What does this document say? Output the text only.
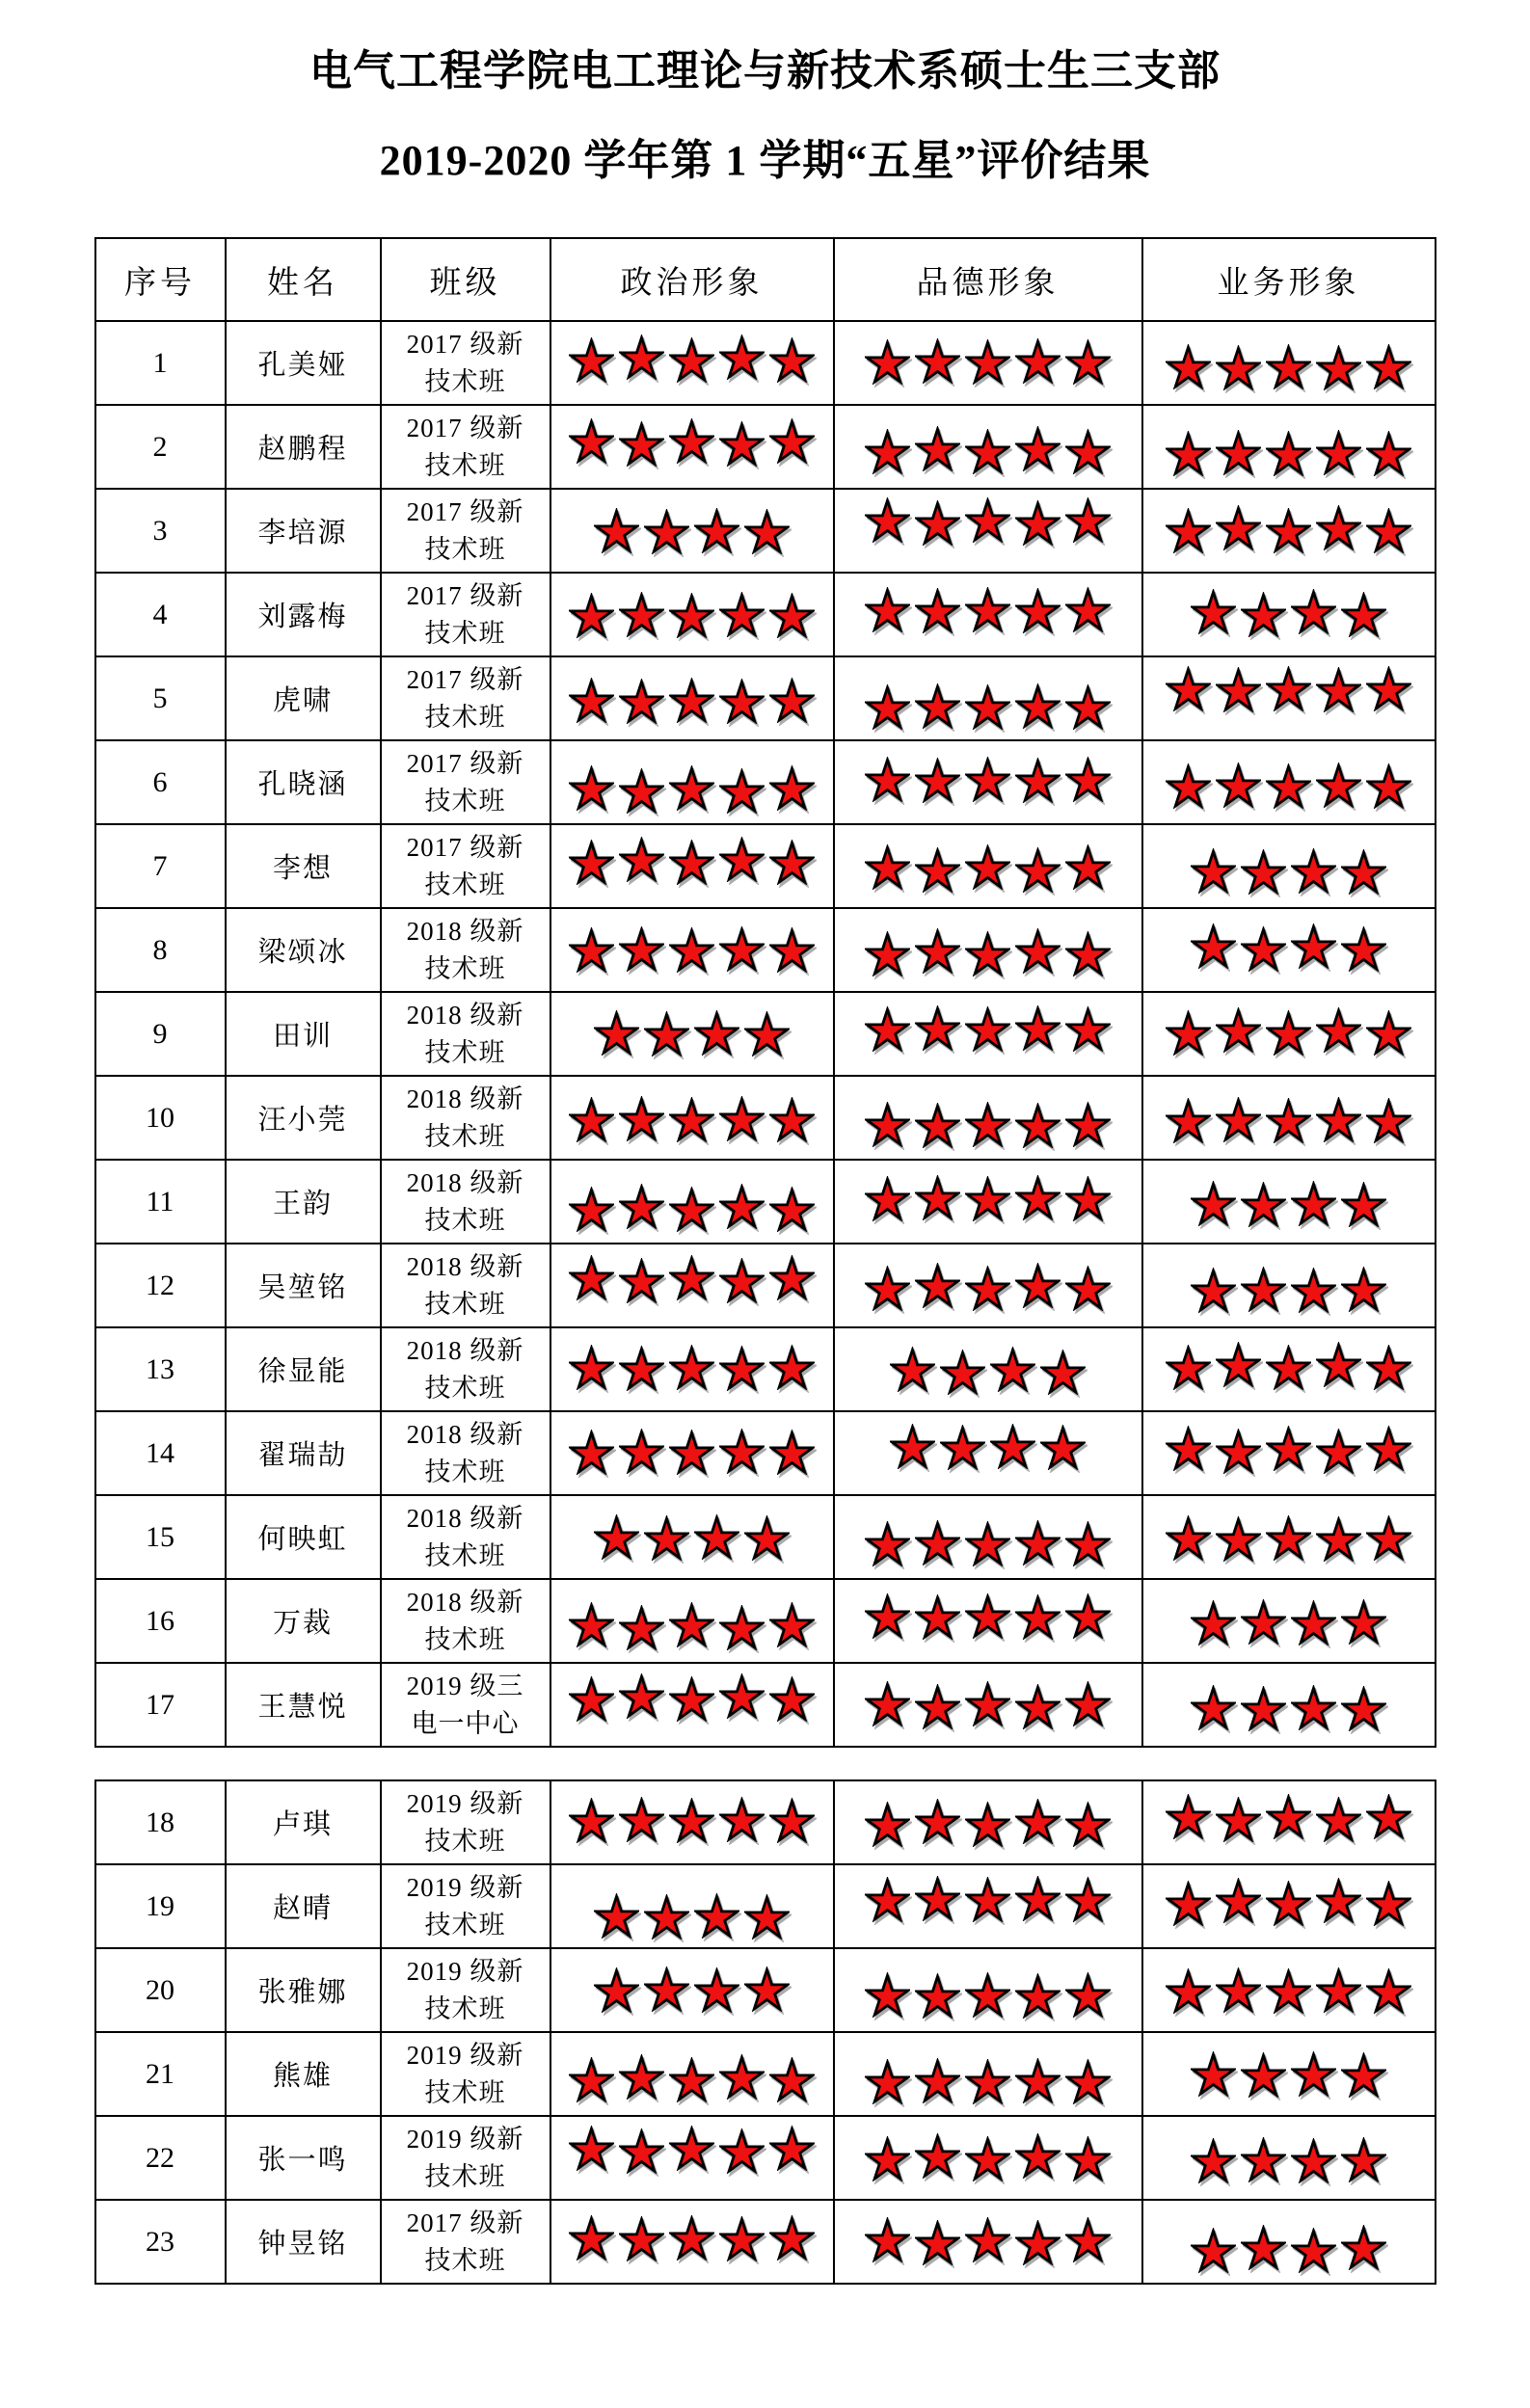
电气工程学院电工理论与新技术系硕士生三支部
2019-2020 学年第 1 学期“五星”评价结果
序号	姓名	班级	政治形象	品德形象	业务形象
1	孔美娅	2017 级新技术班	

2	赵鹏程	2017 级新技术班	

3	李培源	2017 级新技术班	

4	刘露梅	2017 级新技术班	

5	虎啸	2017 级新技术班	

6	孔晓涵	2017 级新技术班	

7	李想	2017 级新技术班	

8	梁颂冰	2018 级新技术班	

9	田训	2018 级新技术班	

10	汪小莞	2018 级新技术班	

11	王韵	2018 级新技术班	

12	吴堃铭	2018 级新技术班	

13	徐显能	2018 级新技术班	

14	翟瑞劼	2018 级新技术班	

15	何映虹	2018 级新技术班	

16	万裁	2018 级新技术班	

17	王慧悦	2019 级三电一中心	

18	卢琪	2019 级新技术班	

19	赵晴	2019 级新技术班	

20	张雅娜	2019 级新技术班	

21	熊雄	2019 级新技术班	

22	张一鸣	2019 级新技术班	

23	钟昱铭	2017 级新技术班	
